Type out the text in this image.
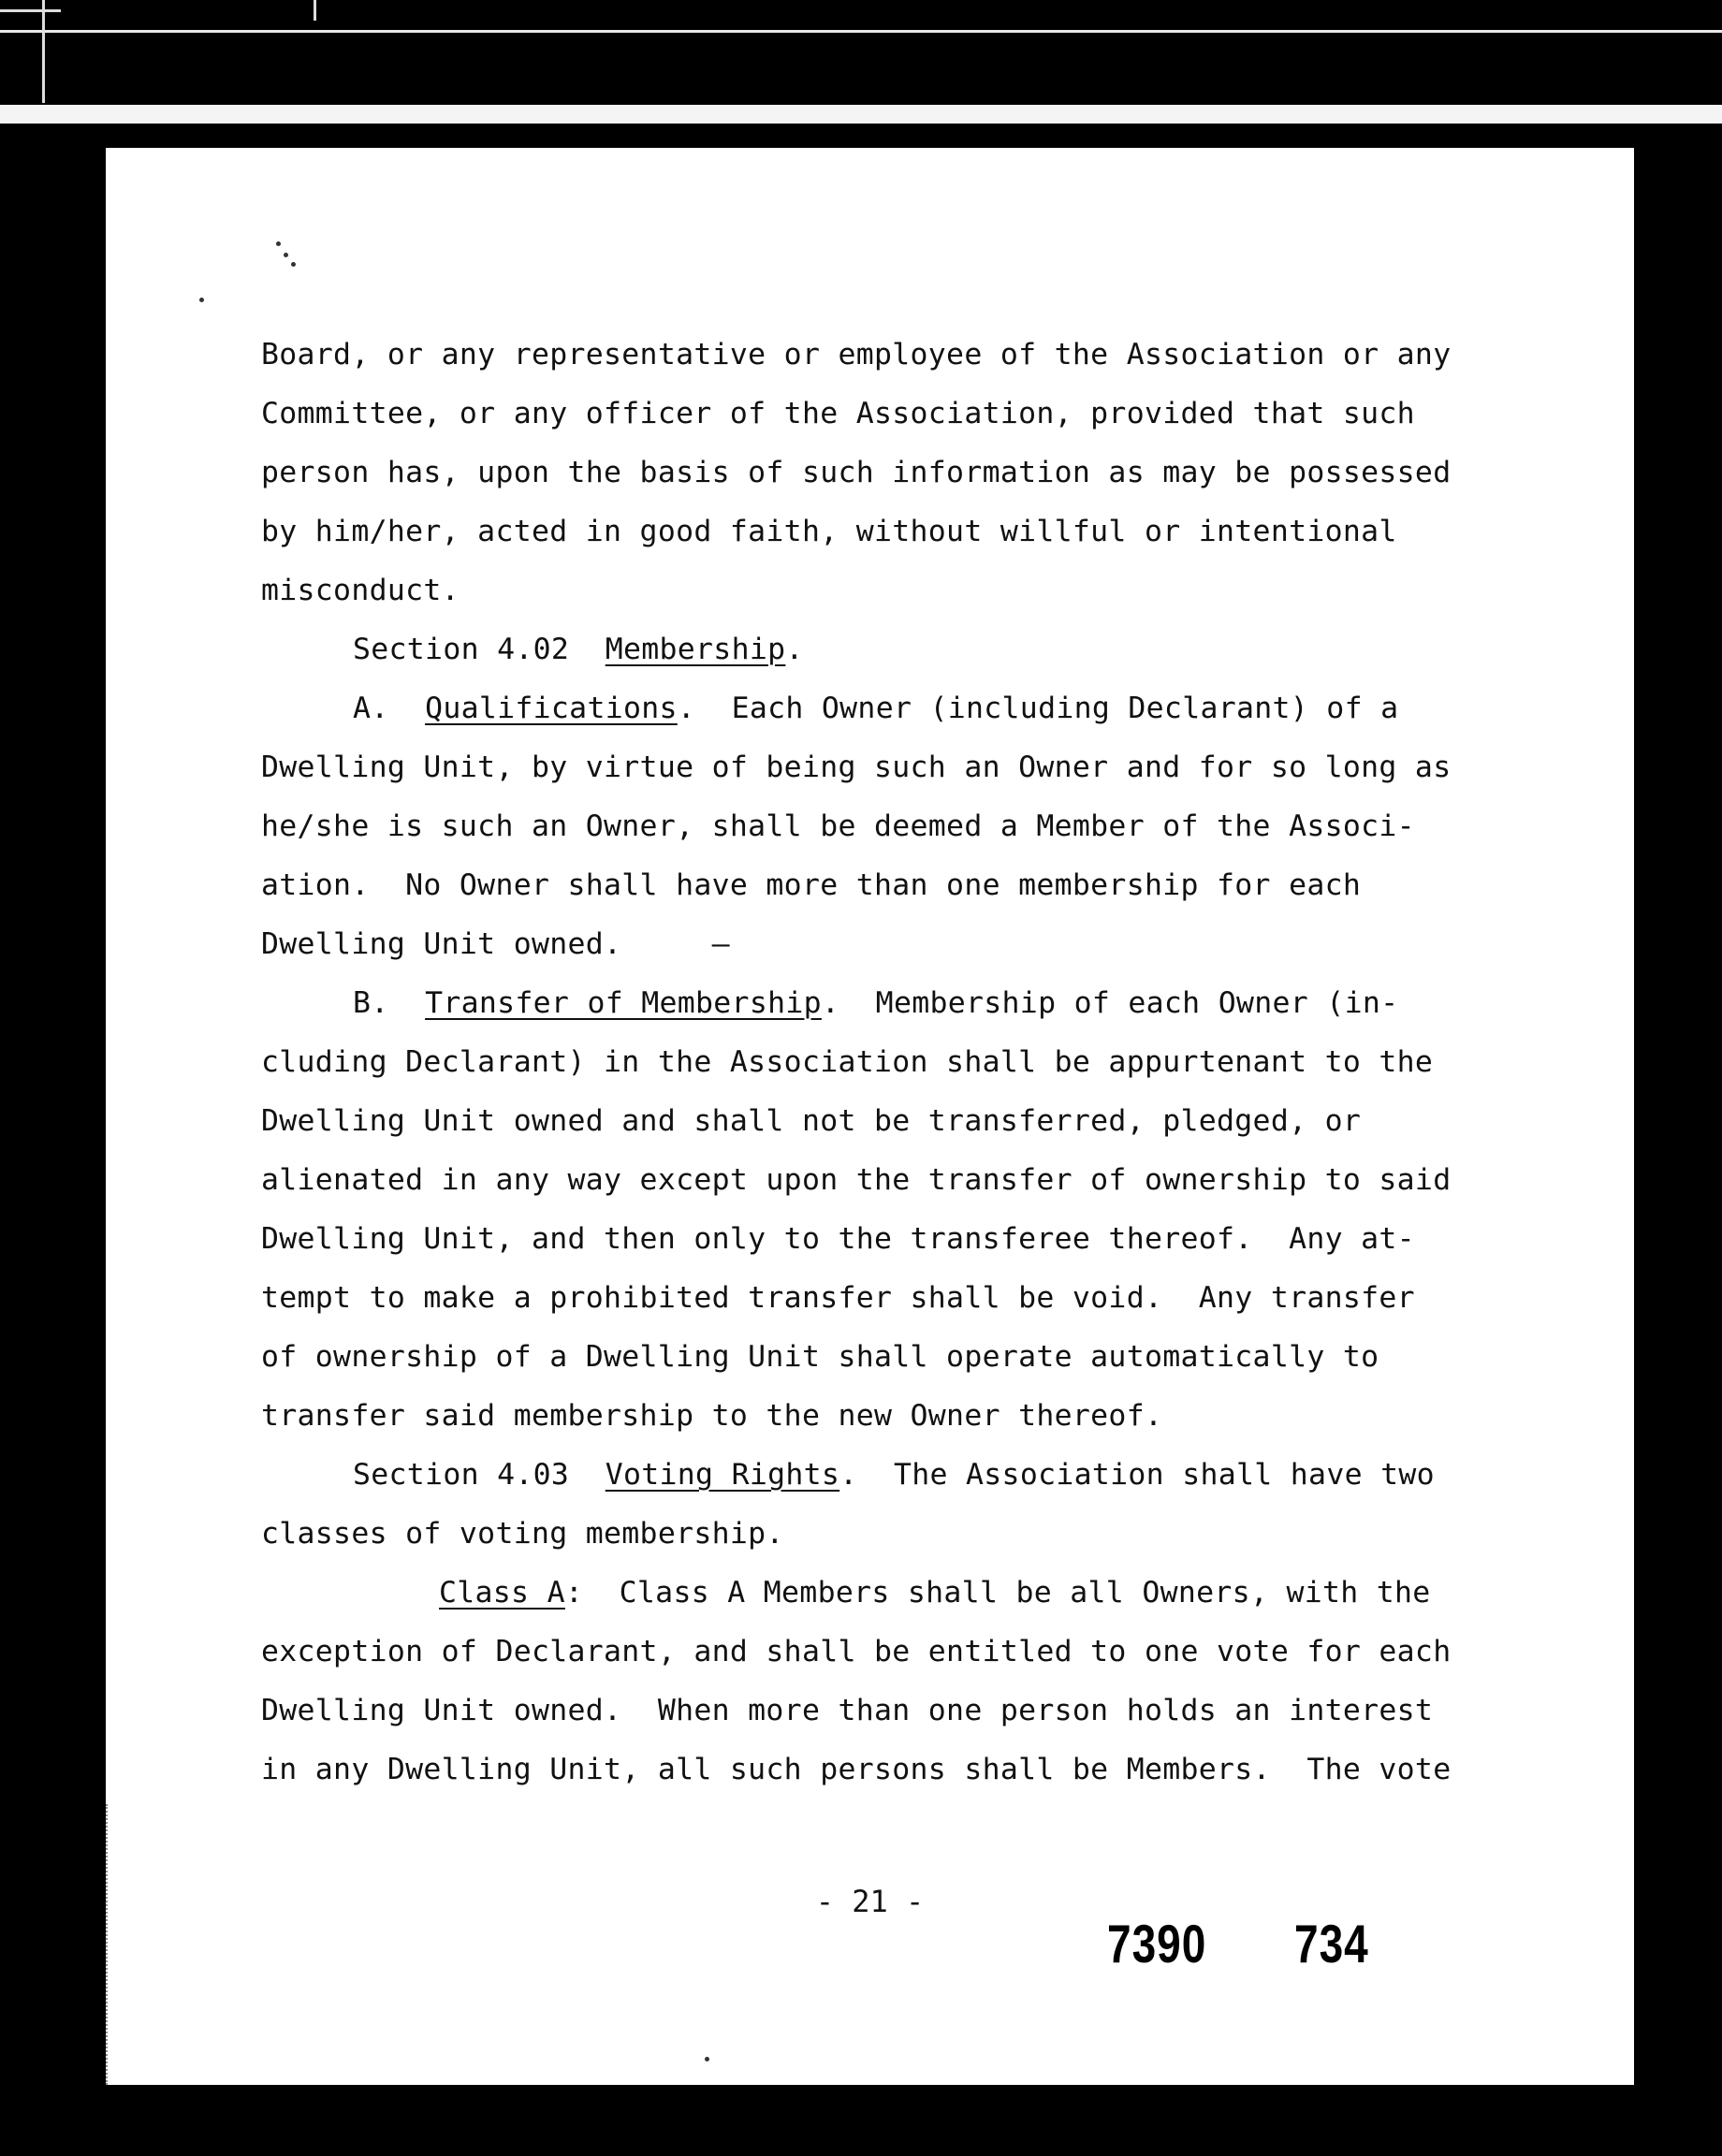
Board, or any representative or employee of the Association or any
Committee, or any officer of the Association, provided that such
person has, upon the basis of such information as may be possessed
by him/her, acted in good faith, without willful or intentional
misconduct.
Section 4.02  Membership.
A.  Qualifications.  Each Owner (including Declarant) of a
Dwelling Unit, by virtue of being such an Owner and for so long as
he/she is such an Owner, shall be deemed a Member of the Associ-
ation.  No Owner shall have more than one membership for each
Dwelling Unit owned.     –
B.  Transfer of Membership.  Membership of each Owner (in-
cluding Declarant) in the Association shall be appurtenant to the
Dwelling Unit owned and shall not be transferred, pledged, or
alienated in any way except upon the transfer of ownership to said
Dwelling Unit, and then only to the transferee thereof.  Any at-
tempt to make a prohibited transfer shall be void.  Any transfer
of ownership of a Dwelling Unit shall operate automatically to
transfer said membership to the new Owner thereof.
Section 4.03  Voting Rights.  The Association shall have two
classes of voting membership.
Class A:  Class A Members shall be all Owners, with the
exception of Declarant, and shall be entitled to one vote for each
Dwelling Unit owned.  When more than one person holds an interest
in any Dwelling Unit, all such persons shall be Members.  The vote
- 21 -
7390 734
